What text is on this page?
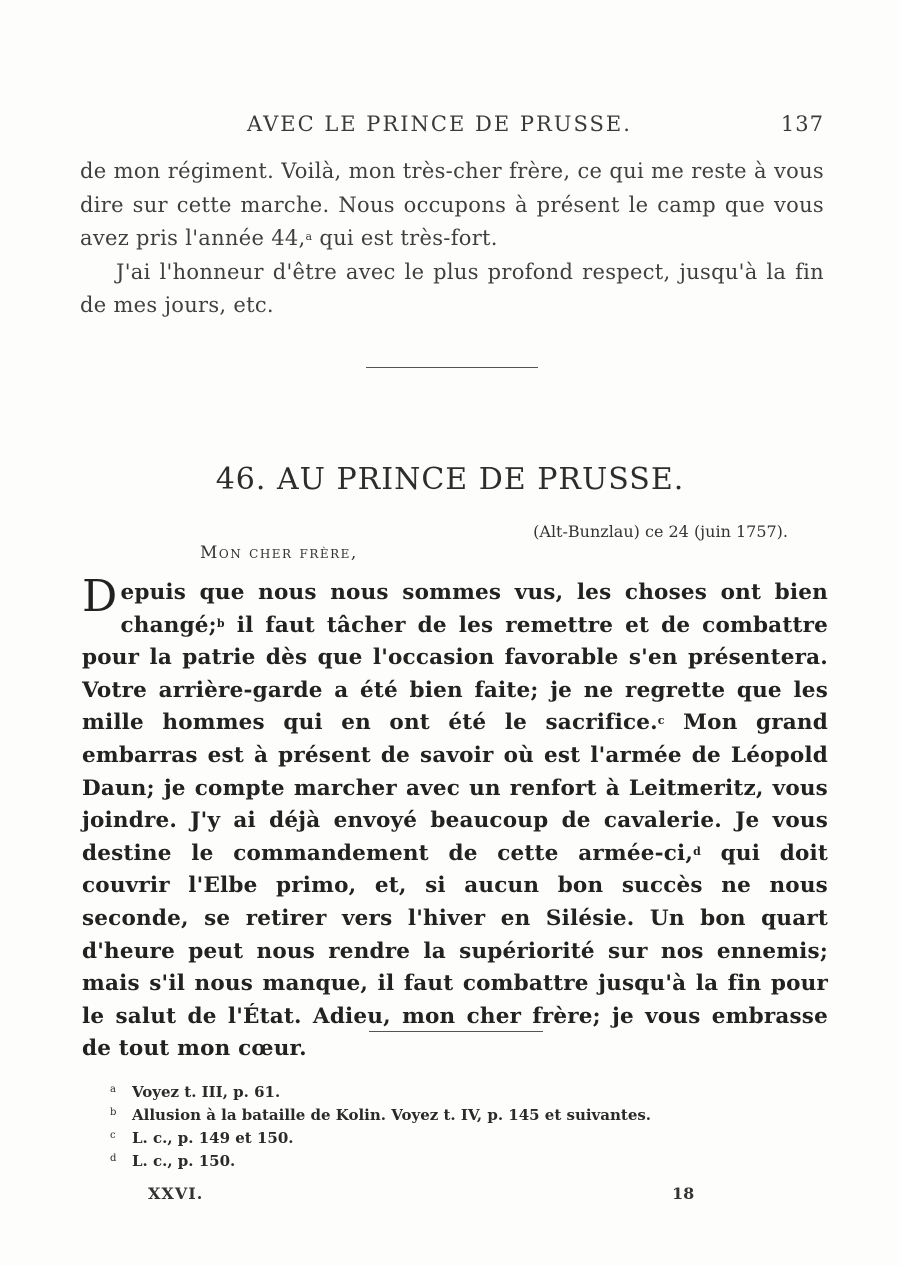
AVEC LE PRINCE DE PRUSSE.	137

de mon régiment. Voilà, mon très-cher frère, ce qui me reste à vous dire sur cette marche. Nous occupons à présent le camp que vous avez pris l'année 44,$^a$ qui est très-fort.

J'ai l'honneur d'être avec le plus profond respect, jusqu'à la fin de mes jours, etc.

46. AU PRINCE DE PRUSSE.
(Alt-Bunzlau) ce 24 (juin 1757).
Mon cher frère,

Depuis que nous nous sommes vus, les choses ont bien changé;$^b$ il faut tâcher de les remettre et de combattre pour la patrie dès que l'occasion favorable s'en présentera. Votre arrière-garde a été bien faite; je ne regrette que les mille hommes qui en ont été le sacrifice.$^c$ Mon grand embarras est à présent de savoir où est l'armée de Léopold Daun; je compte marcher avec un renfort à Leitmeritz, vous joindre. J'y ai déjà envoyé beaucoup de cavalerie. Je vous destine le commandement de cette armée-ci,$^d$ qui doit couvrir l'Elbe primo, et, si aucun bon succès ne nous seconde, se retirer vers l'hiver en Silésie. Un bon quart d'heure peut nous rendre la supériorité sur nos ennemis; mais s'il nous manque, il faut combattre jusqu'à la fin pour le salut de l'État. Adieu, mon cher frère; je vous embrasse de tout mon cœur.

a Voyez t. III, p. 61.
b Allusion à la bataille de Kolin. Voyez t. IV, p. 145 et suivantes.
c L. c., p. 149 et 150.
d L. c., p. 150.
XXVI.	18
